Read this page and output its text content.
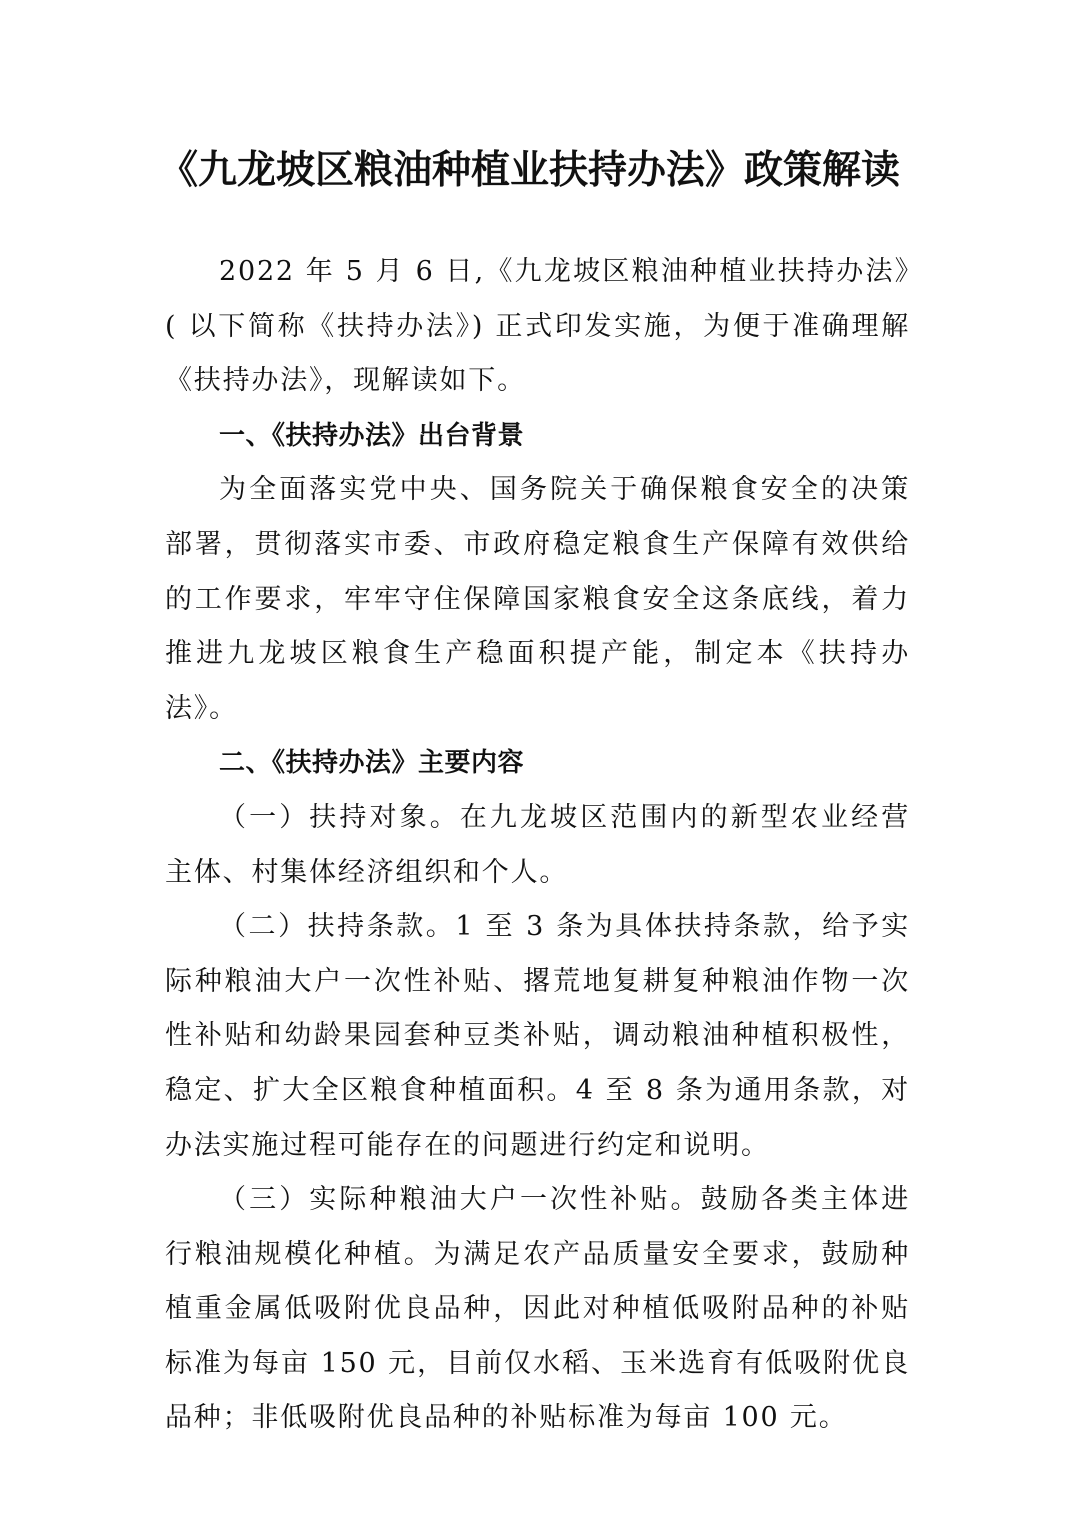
《九龙坡区粮油种植业扶持办法》政策解读

2022 年 5 月 6 日,《九龙坡区粮油种植业扶持办法》( 以下简称《扶持办法》) 正式印发实施，为便于准确理解《扶持办法》，现解读如下。

一、《扶持办法》出台背景

为全面落实党中央、国务院关于确保粮食安全的决策部署，贯彻落实市委、市政府稳定粮食生产保障有效供给的工作要求，牢牢守住保障国家粮食安全这条底线，着力推进九龙坡区粮食生产稳面积提产能，制定本《扶持办法》。

二、《扶持办法》主要内容

（一）扶持对象。在九龙坡区范围内的新型农业经营主体、村集体经济组织和个人。

（二）扶持条款。1 至 3 条为具体扶持条款，给予实际种粮油大户一次性补贴、撂荒地复耕复种粮油作物一次性补贴和幼龄果园套种豆类补贴，调动粮油种植积极性，稳定、扩大全区粮食种植面积。4 至 8 条为通用条款，对办法实施过程可能存在的问题进行约定和说明。

（三）实际种粮油大户一次性补贴。鼓励各类主体进行粮油规模化种植。为满足农产品质量安全要求，鼓励种植重金属低吸附优良品种，因此对种植低吸附品种的补贴标准为每亩 150 元，目前仅水稻、玉米选育有低吸附优良品种；非低吸附优良品种的补贴标准为每亩 100 元。
